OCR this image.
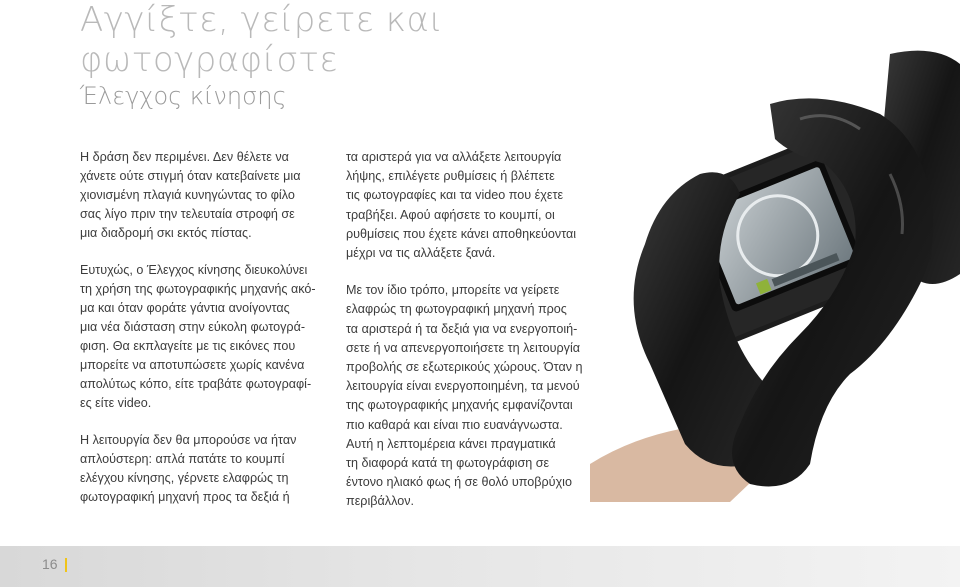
Αγγίξτε, γείρετε και
φωτογραφίστε
Έλεγχος κίνησης
Η δράση δεν περιμένει. Δεν θέλετε να
χάνετε ούτε στιγμή όταν κατεβαίνετε μια
χιονισμένη πλαγιά κυνηγώντας το φίλο
σας λίγο πριν την τελευταία στροφή σε
μια διαδρομή σκι εκτός πίστας.
Ευτυχώς, ο Έλεγχος κίνησης διευκολύνει
τη χρήση της φωτογραφικής μηχανής ακό-
μα και όταν φοράτε γάντια ανοίγοντας
μια νέα διάσταση στην εύκολη φωτογρά-
φιση. Θα εκπλαγείτε με τις εικόνες που
μπορείτε να αποτυπώσετε χωρίς κανένα
απολύτως κόπο, είτε τραβάτε φωτογραφί-
ες είτε video.
Η λειτουργία δεν θα μπορούσε να ήταν
απλούστερη: απλά πατάτε το κουμπί
ελέγχου κίνησης, γέρνετε ελαφρώς τη
φωτογραφική μηχανή προς τα δεξιά ή
τα αριστερά για να αλλάξετε λειτουργία
λήψης, επιλέγετε ρυθμίσεις ή βλέπετε
τις φωτογραφίες και τα video που έχετε
τραβήξει. Αφού αφήσετε το κουμπί, οι
ρυθμίσεις που έχετε κάνει αποθηκεύονται
μέχρι να τις αλλάξετε ξανά.
Με τον ίδιο τρόπο, μπορείτε να γείρετε
ελαφρώς τη φωτογραφική μηχανή προς
τα αριστερά ή τα δεξιά για να ενεργοποιή-
σετε ή να απενεργοποιήσετε τη λειτουργία
προβολής σε εξωτερικούς χώρους. Όταν η
λειτουργία είναι ενεργοποιημένη, τα μενού
της φωτογραφικής μηχανής εμφανίζονται
πιο καθαρά και είναι πιο ευανάγνωστα.
Αυτή η λεπτομέρεια κάνει πραγματικά
τη διαφορά κατά τη φωτογράφιση σε
έντονο ηλιακό φως ή σε θολό υποβρύχιο
περιβάλλον.
16
